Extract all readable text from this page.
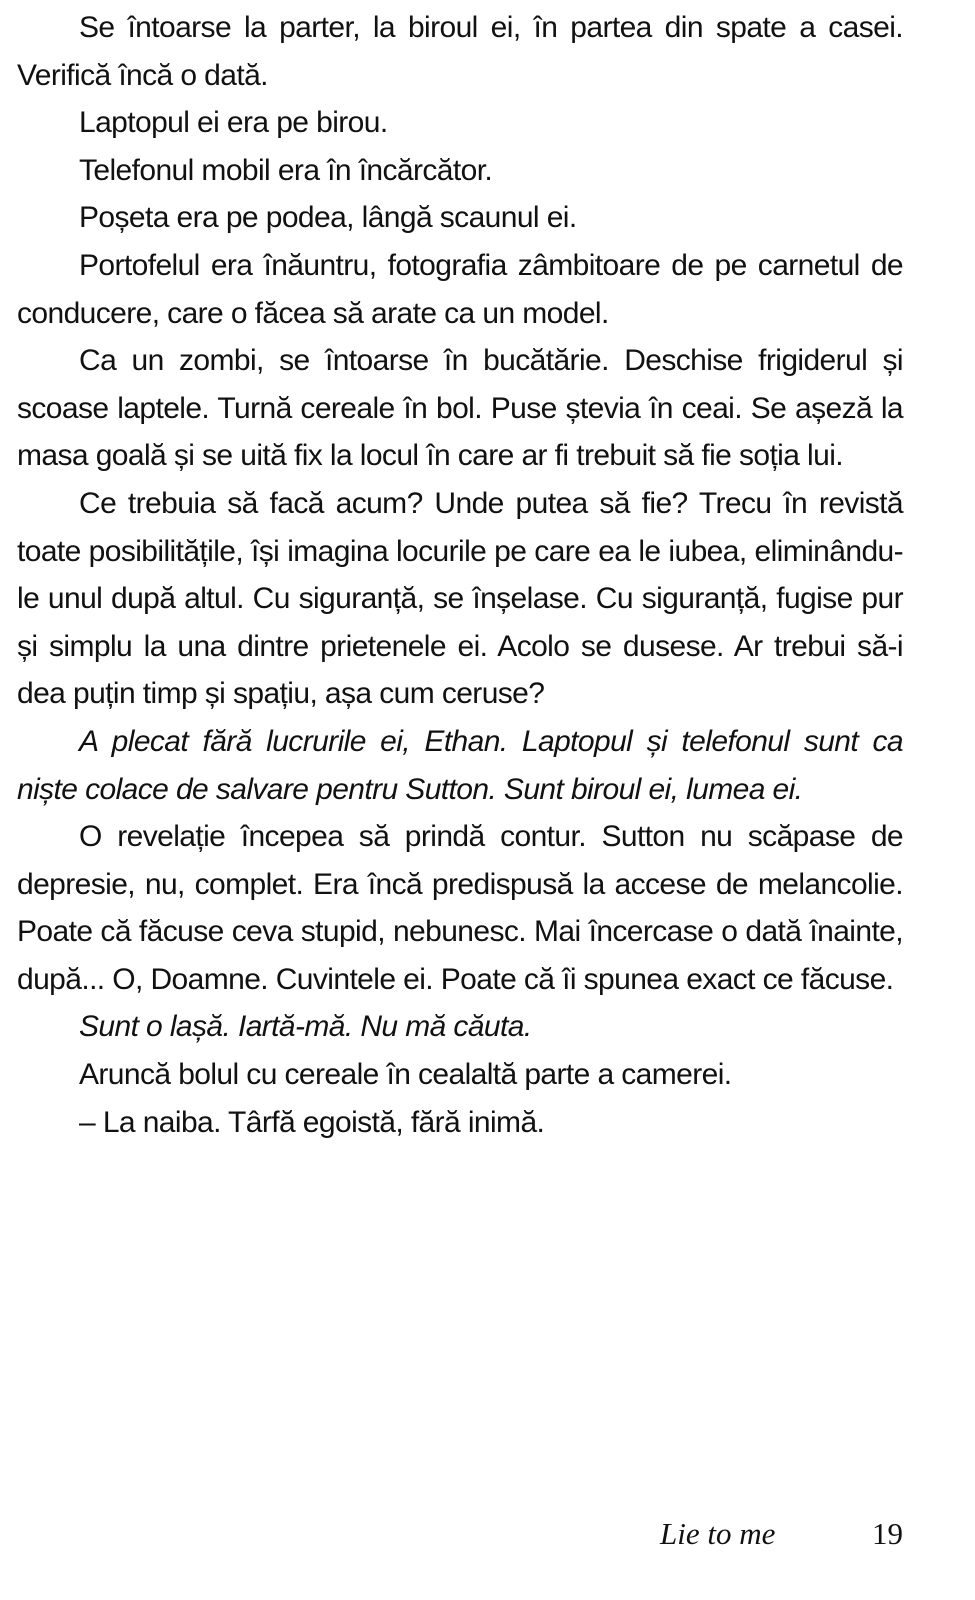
Se întoarse la parter, la biroul ei, în partea din spate a casei. Verifică încă o dată.

Laptopul ei era pe birou.

Telefonul mobil era în încărcător.

Poșeta era pe podea, lângă scaunul ei.

Portofelul era înăuntru, fotografia zâmbitoare de pe carnetul de conducere, care o făcea să arate ca un model.

Ca un zombi, se întoarse în bucătărie. Deschise frigiderul și scoase laptele. Turnă cereale în bol. Puse ștevia în ceai. Se așeză la masa goală și se uită fix la locul în care ar fi trebuit să fie soția lui.

Ce trebuia să facă acum? Unde putea să fie? Trecu în revistă toate posibilitățile, își imagina locurile pe care ea le iubea, eliminându-le unul după altul. Cu siguranță, se înșelase. Cu siguranță, fugise pur și simplu la una dintre prietenele ei. Acolo se dusese. Ar trebui să-i dea puțin timp și spațiu, așa cum ceruse?

A plecat fără lucrurile ei, Ethan. Laptopul și telefonul sunt ca niște colace de salvare pentru Sutton. Sunt biroul ei, lumea ei.

O revelație începea să prindă contur. Sutton nu scăpase de depresie, nu, complet. Era încă predispusă la accese de melancolie. Poate că făcuse ceva stupid, nebunesc. Mai încercase o dată înainte, după... O, Doamne. Cuvintele ei. Poate că îi spunea exact ce făcuse.

Sunt o lașă. Iartă-mă. Nu mă căuta.

Aruncă bolul cu cereale în cealaltă parte a camerei.

– La naiba. Târfă egoistă, fără inimă.

Lie to me	19
